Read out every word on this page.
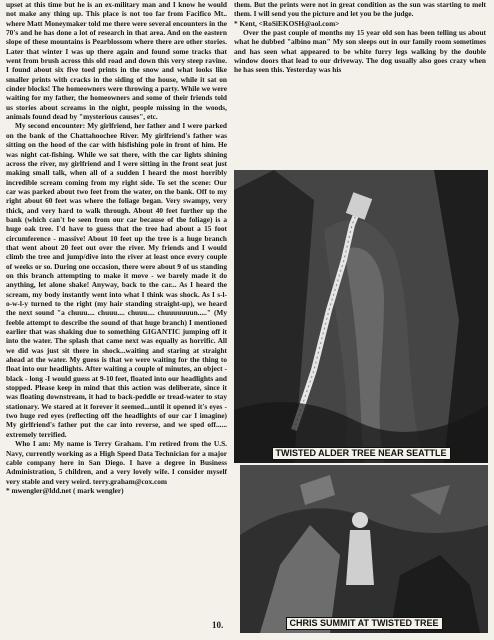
upset at this time but he is an ex-military man and I know he would not make any thing up. This place is not too far from Facifico Mt.. where Matt Moneymaker told me there were several encounters in the 70's and he has done a lot of research in that area. And on the eastern slope of these mountains is Pearblossom where there are other stories. Later that winter I was up there again and found some tracks that went from brush across this old road and down this very steep ravine. I found about six five toed prints in the snow and what looks like smaller prints with cracks in the siding of the house, while it sat on cinder blocks! The homeowners were throwing a party. While we were waiting for my father, the homeowners and some of their friends told us stories about screams in the night, people missing in the woods, animals found dead by "mysterious causes", etc.

My second encounter: My girlfriend, her father and I were parked on the bank of the Chattahoochee River. My girlfriend's father was sitting on the hood of the car with hisfishing pole in front of him. He was night cat-fishing. While we sat there, with the car lights shining across the river, my girlfriend and I were sitting in the front seat just making small talk, when all of a sudden I heard the most horribly incredible scream coming from my right side. To set the scene: Our car was parked about two feet from the water, on the bank. Off to my right about 60 feet was where the foliage began. Very swampy, very thick, and very hard to walk through. About 40 feet further up the bank (which can't be seen from our car because of the foliage) is a huge oak tree. I'd have to guess that the tree had about a 15 foot circumference - massive! About 10 feet up the tree is a huge branch that went about 20 feet out over the river. My friends and I would climb the tree and jump/dive into the river at least once every couple of weeks or so. During one occasion, there were about 9 of us standing on this branch attempting to make it move - we barely made it do anything, let alone shake! Anyway, back to the car... As I heard the scream, my body instantly went into what I think was shock. As I s-l-o-w-l-y turned to the right (my hair standing straight-up), we heard the next sound "a chuuu.... chuuu.... chuuu.... chuuuuuuun....." (My feeble attempt to describe the sound of that huge branch) I mentioned earlier that was shaking due to something GIGANTIC jumping off it into the water. The splash that came next was equally as horrific. All we did was just sit there in shock...waiting and staring at straight ahead at the water. My guess is that we were waiting for the thing to float into our headlights. After waiting a couple of minutes, an object - black - long -I would guess at 9-10 feet, floated into our headlights and stopped. Please keep in mind that this action was deliberate, since it was floating downstream, it had to back-peddle or tread-water to stay stationary. We stared at it forever it seemed...until it opened it's eyes - two huge red eyes (reflecting off the headlights of our car I imagine) My girlfriend's father put the car into reverse, and we sped off...... extremely terrified.

Who I am: My name is Terry Graham. I'm retired from the U.S. Navy, currently working as a High Speed Data Technician for a major cable company here in San Diego. I have a degree in Business Administration, 5 children, and a very lovely wife. I consider myself very stable and very weird. terry.graham@cox.com

* mwengler@ldd.net ( mark wengler)

them. But the prints were not in great condition as the sun was starting to melt them. I will send you the picture and let you be the judge.

* Kent, <RoSiEKOSH@aol.com>

Over the past couple of months my 15 year old son has been telling us about what he dubbed "albino man" My son sleeps out in our family room sometimes and has seen what appeared to be white furry legs walking by the double window doors that lead to our driveway. The dog usually also goes crazy when he has seen this. Yesterday was his

TWISTED ALDER TREE NEAR SEATTLE
CHRIS SUMMIT AT TWISTED TREE
10.
